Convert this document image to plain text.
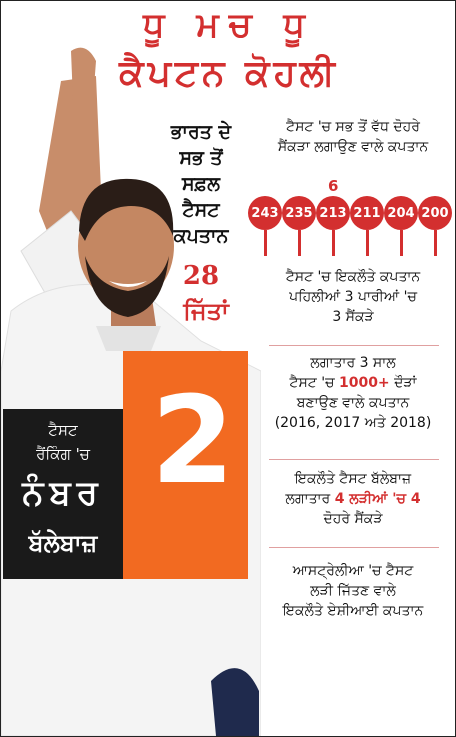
ਧੂ ਮਚ ਧੂ
ਕੈਪਟਨ ਕੋਹਲੀ
ਭਾਰਤ ਦੇ
ਸਭ ਤੋਂ
ਸਫ਼ਲ
ਟੈਸਟ
ਕਪਤਾਨ
28
ਜਿੱਤਾਂ
ਟੈਸਟ 'ਚ ਸਭ ਤੋਂ ਵੱਧ ਦੋਹਰੇ
ਸੈਂਕੜਾ ਲਗਾਉਣ ਵਾਲੇ ਕਪਤਾਨ
6
243 235 213 211 204 200
ਟੈਸਟ 'ਚ ਇਕਲੌਤੇ ਕਪਤਾਨ
ਪਹਿਲੀਆਂ 3 ਪਾਰੀਆਂ 'ਚ
3 ਸੈਂਕੜੇ
ਲਗਾਤਾਰ 3 ਸਾਲ
ਟੈਸਟ 'ਚ 1000+ ਦੌੜਾਂ
ਬਣਾਉਣ ਵਾਲੇ ਕਪਤਾਨ
(2016, 2017 ਅਤੇ 2018)
ਇਕਲੌਤੇ ਟੈਸਟ ਬੱਲੇਬਾਜ਼
ਲਗਾਤਾਰ 4 ਲੜੀਆਂ 'ਚ 4
ਦੋਹਰੇ ਸੈਂਕੜੇ
ਆਸਟ੍ਰੇਲੀਆ 'ਚ ਟੈਸਟ
ਲੜੀ ਜਿੱਤਣ ਵਾਲੇ
ਇਕਲੌਤੇ ਏਸ਼ੀਆਈ ਕਪਤਾਨ
2
ਟੈਸਟ
ਰੈਂਕਿੰਗ 'ਚ
ਨੰਬਰ
ਬੱਲੇਬਾਜ਼
